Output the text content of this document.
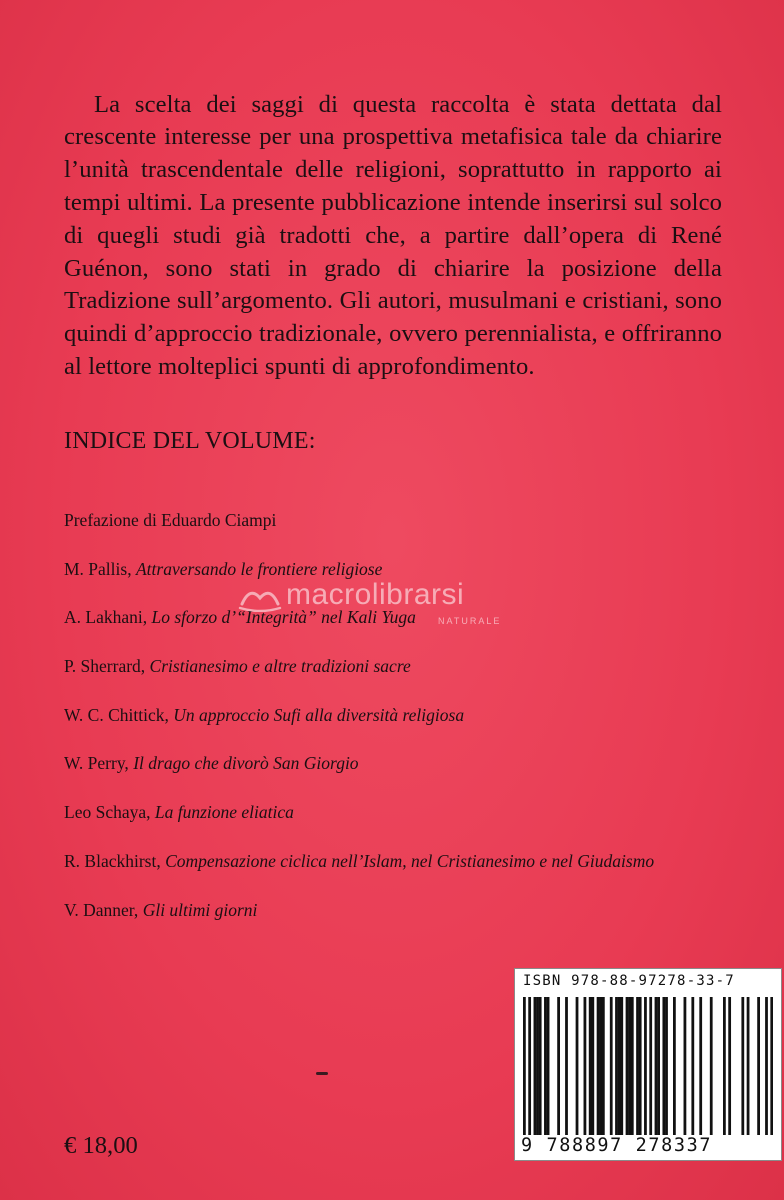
La scelta dei saggi di questa raccolta è stata dettata dal crescente interesse per una prospettiva metafisica tale da chiarire l’unità trascendentale delle religioni, soprattutto in rapporto ai tempi ultimi. La presente pubblicazione intende inserirsi sul solco di quegli studi già tradotti che, a partire dall’opera di René Guénon, sono stati in grado di chiarire la posizione della Tradizione sull’argomento. Gli autori, musulmani e cristiani, sono quindi d’approccio tradizionale, ovvero perennialista, e offriranno al lettore molteplici spunti di approfondimento.

INDICE DEL VOLUME:
Prefazione di Eduardo Ciampi
M. Pallis, Attraversando le frontiere religiose
A. Lakhani, Lo sforzo d’“Integrità” nel Kali Yuga
P. Sherrard, Cristianesimo e altre tradizioni sacre
W. C. Chittick, Un approccio Sufi alla diversità religiosa
W. Perry, Il drago che divorò San Giorgio
Leo Schaya, La funzione eliatica
R. Blackhirst, Compensazione ciclica nell’Islam, nel Cristianesimo e nel Giudaismo
V. Danner, Gli ultimi giorni
macrolibrarsi
NATURALE
€ 18,00
ISBN 978-88-97278-33-7
9 788897 278337
